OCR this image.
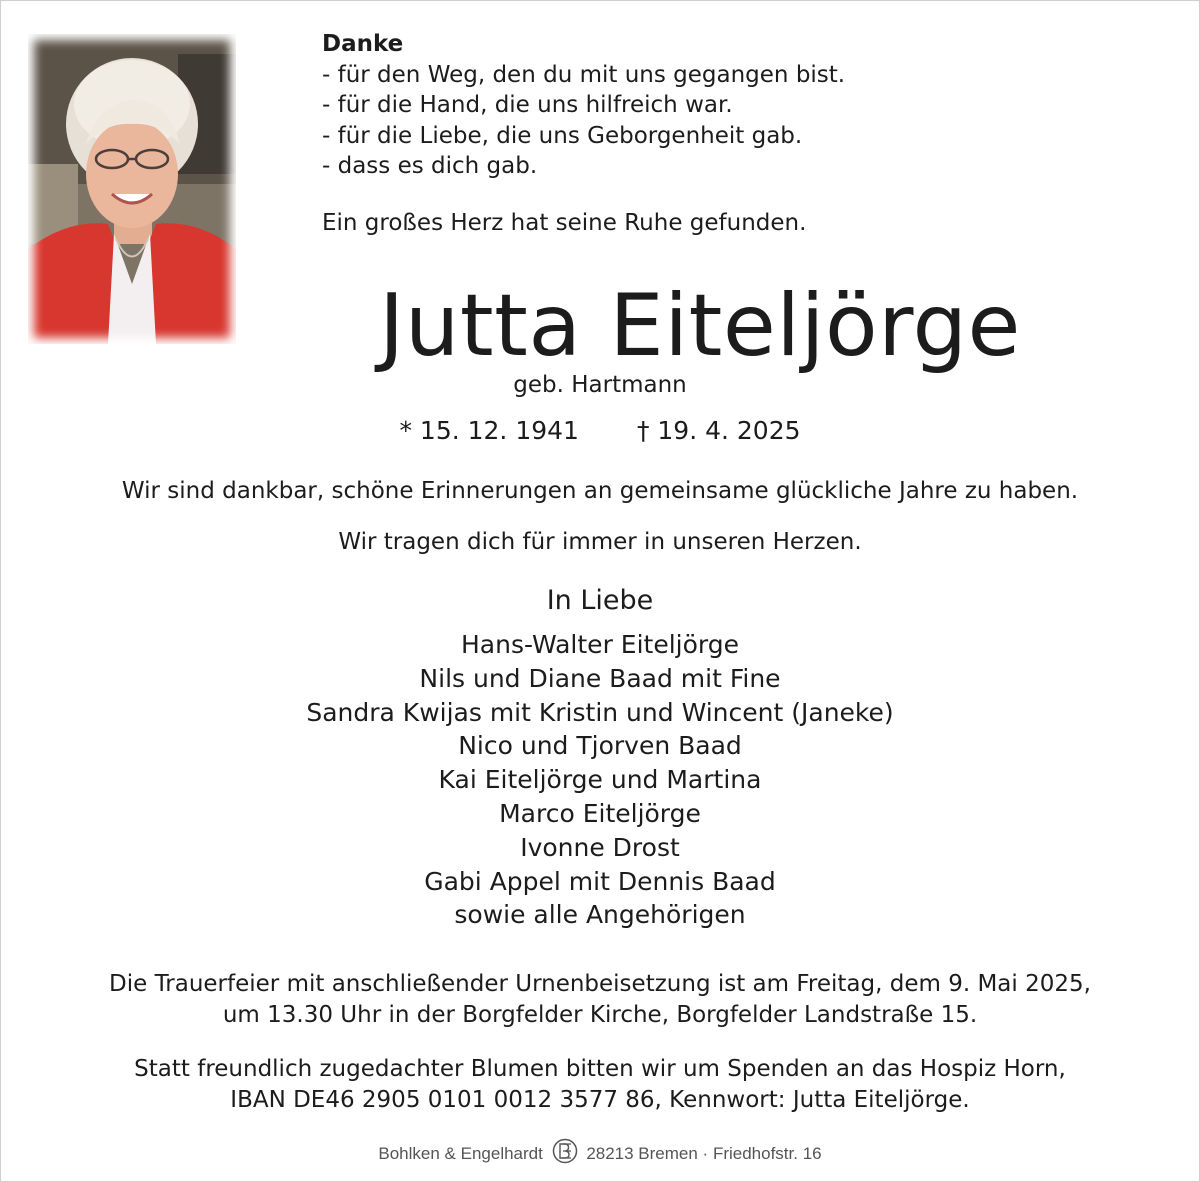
Danke
- für den Weg, den du mit uns gegangen bist.
- für die Hand, die uns hilfreich war.
- für die Liebe, die uns Geborgenheit gab.
- dass es dich gab.
Ein großes Herz hat seine Ruhe gefunden.
Jutta Eiteljörge
geb. Hartmann
* 15. 12. 1941 † 19. 4. 2025
Wir sind dankbar, schöne Erinnerungen an gemeinsame glückliche Jahre zu haben.
Wir tragen dich für immer in unseren Herzen.
In Liebe
Hans-Walter Eiteljörge
Nils und Diane Baad mit Fine
Sandra Kwijas mit Kristin und Wincent (Janeke)
Nico und Tjorven Baad
Kai Eiteljörge und Martina
Marco Eiteljörge
Ivonne Drost
Gabi Appel mit Dennis Baad
sowie alle Angehörigen
Die Trauerfeier mit anschließender Urnenbeisetzung ist am Freitag, dem 9. Mai 2025,
um 13.30 Uhr in der Borgfelder Kirche, Borgfelder Landstraße 15.
Statt freundlich zugedachter Blumen bitten wir um Spenden an das Hospiz Horn,
IBAN DE46 2905 0101 0012 3577 86, Kennwort: Jutta Eiteljörge.
Bohlken & Engelhardt	28213 Bremen · Friedhofstr. 16
